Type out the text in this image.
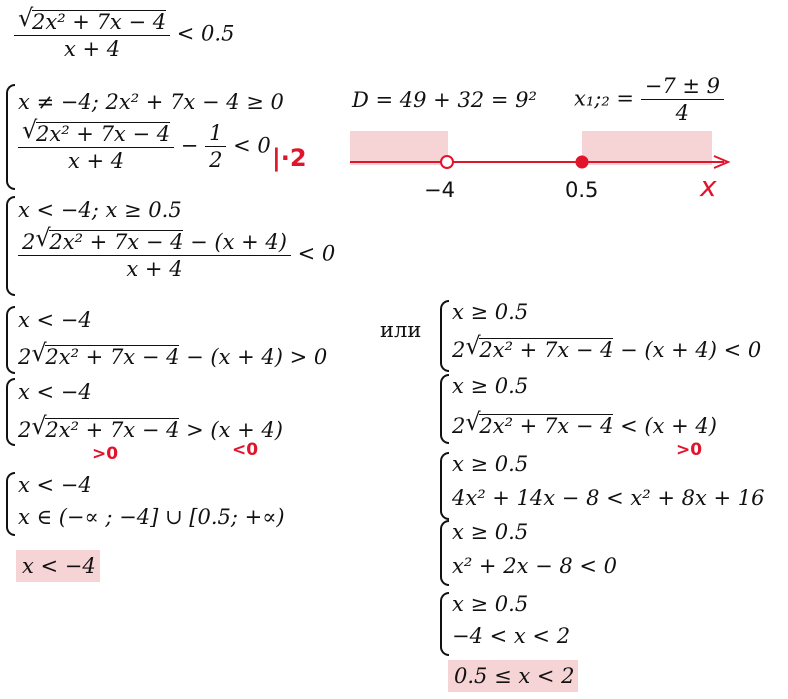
√
2x² + 7x − 4
x + 4 < 0.5
x ≠ −4; 2x² + 7x − 4 ≥ 0
√
2x² + 7x − 4
$x + 4 - \frac{1}{2} < 0$ |·2
D = 49 + 32 = 9² x₁;₂ = $\frac{-7 \pm 9}{4}$
−4	0.5	x
x < −4; x ≥ 0.5
2 √
2x² + 7x − 4 − (x + 4)
x + 4 < 0
x < −4
2 √
2x² + 7x − 4 − (x + 4) > 0
x < −4
2 √
2x² + 7x − 4 > (x + 4)
>0	<0
x < −4
x ∈ (−∝ ; −4] ∪ [0.5; +∝)
x < −4
или
x ≥ 0.5
2 √
2x² + 7x − 4 − (x + 4) < 0
x ≥ 0.5
2 √
2x² + 7x − 4 < (x + 4)
>0
x ≥ 0.5
4x² + 14x − 8 < x² + 8x + 16
x ≥ 0.5
x² + 2x − 8 < 0
x ≥ 0.5
−4 < x < 2
0.5 ≤ x < 2
